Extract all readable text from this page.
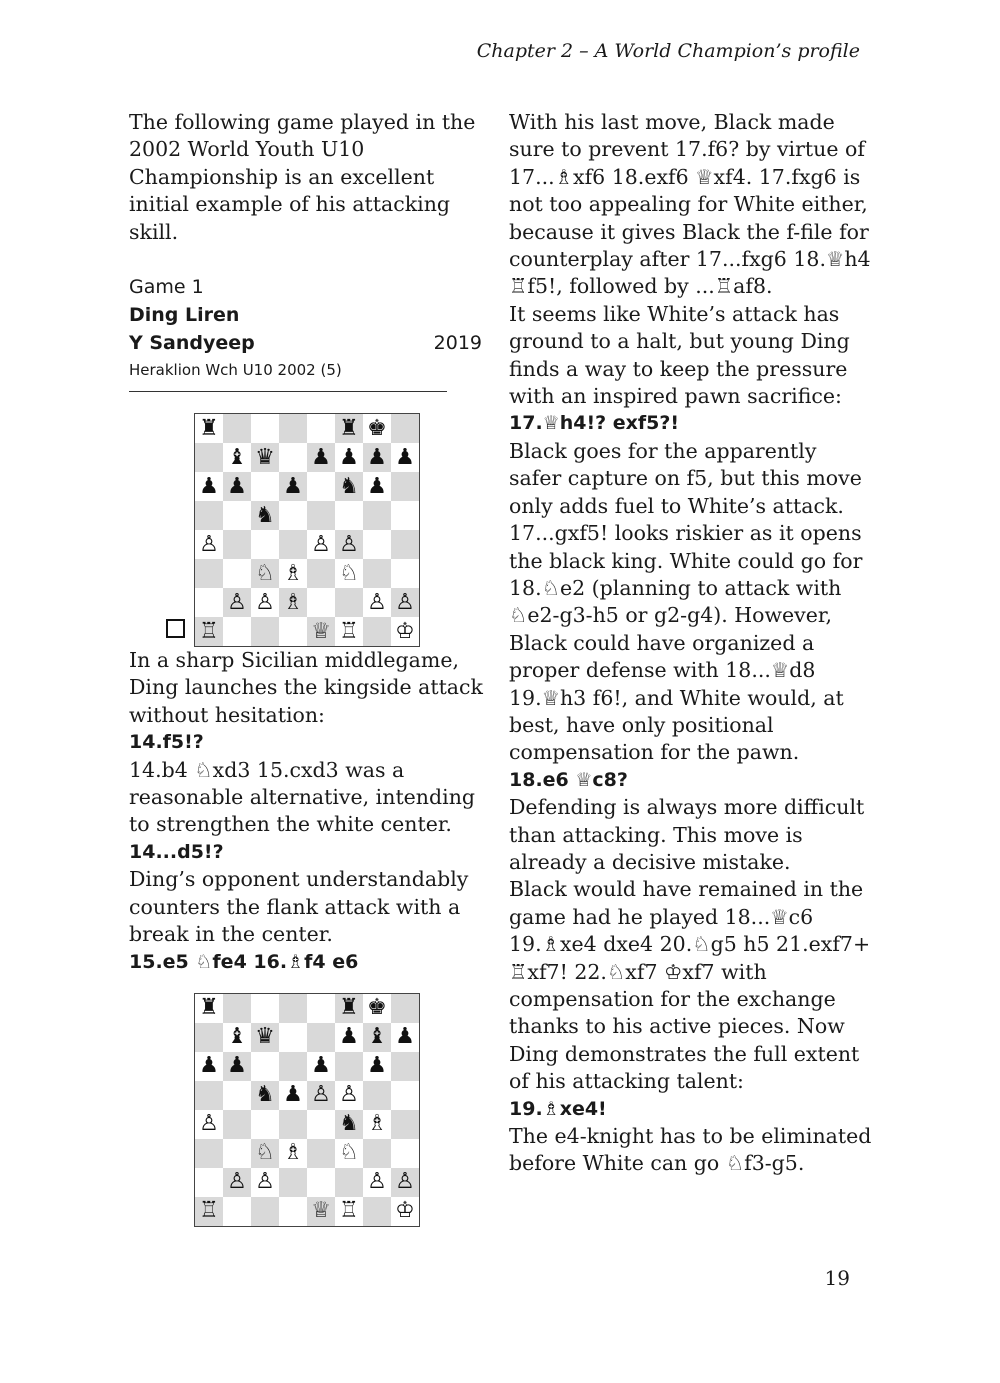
Chapter 2 – A World Champion’s profile

The following game played in the 2002 World Youth U10 Championship is an excellent initial example of his attacking skill.

Game 1
Ding Liren
Y Sandyeep	2019
Heraklion Wch U10 2002 (5)
♜	♜ ♚
♝ ♛ ♟ ♟ ♟ ♟
♟ ♟ ♟ ♞ ♟
♞
♙	♙ ♙
♘ ♗ ♘
♙ ♙ ♗	♙ ♙
♖	♕ ♖ ♔

In a sharp Sicilian middlegame, Ding launches the kingside attack without hesitation:

14.f5!?

14.b4 ♘xd3 15.cxd3 was a reasonable alternative, intending to strengthen the white center.

14...d5!?

Ding’s opponent understandably counters the flank attack with a break in the center.

15.e5 ♘fe4 16.♗f4 e6

♜	♜ ♚
♝ ♛	♟ ♝ ♟
♟ ♟	♟ ♟
♞ ♟ ♙ ♙
♙	♞ ♗
♘ ♗ ♘
♙ ♙	♙ ♙
♖	♕ ♖ ♔

With his last move, Black made sure to prevent 17.f6? by virtue of 17...♗xf6 18.exf6 ♕xf4. 17.fxg6 is not too appealing for White either, because it gives Black the f-file for counterplay after 17...fxg6 18.♕h4 ♖f5!, followed by ...♖af8.

It seems like White’s attack has ground to a halt, but young Ding finds a way to keep the pressure with an inspired pawn sacrifice:

17.♕h4!? exf5?!

Black goes for the apparently safer capture on f5, but this move only adds fuel to White’s attack.

17...gxf5! looks riskier as it opens the black king. White could go for 18.♘e2 (planning to attack with ♘e2-g3-h5 or g2-g4). However, Black could have organized a proper defense with 18...♕d8 19.♕h3 f6!, and White would, at best, have only positional compensation for the pawn.

18.e6 ♕c8?

Defending is always more difficult than attacking. This move is already a decisive mistake.

Black would have remained in the game had he played 18...♕c6 19.♗xe4 dxe4 20.♘g5 h5 21.exf7+ ♖xf7! 22.♘xf7 ♔xf7 with compensation for the exchange thanks to his active pieces. Now Ding demonstrates the full extent of his attacking talent:

19.♗xe4!

The e4-knight has to be eliminated before White can go ♘f3-g5.

19
